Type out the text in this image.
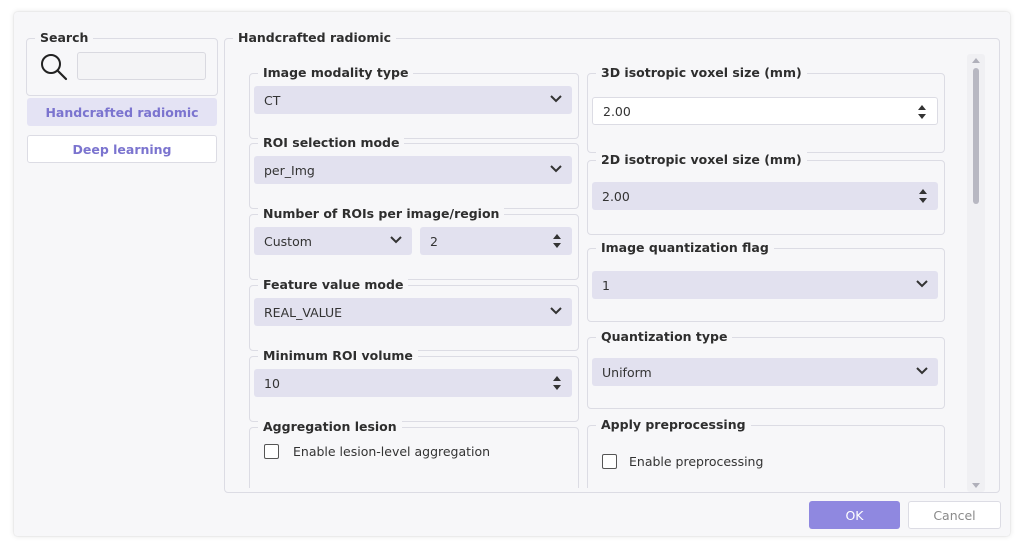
Search
Handcrafted radiomic
Deep learning
Handcrafted radiomic
Image modality type
CT
ROI selection mode
per_Img
Number of ROIs per image/region
Custom	2
Feature value mode
REAL_VALUE
Minimum ROI volume
10
Aggregation lesion
Enable lesion-level aggregation
3D isotropic voxel size (mm)
2.00
2D isotropic voxel size (mm)
2.00
Image quantization flag
1
Quantization type
Uniform
Apply preprocessing
Enable preprocessing
OK	Cancel
